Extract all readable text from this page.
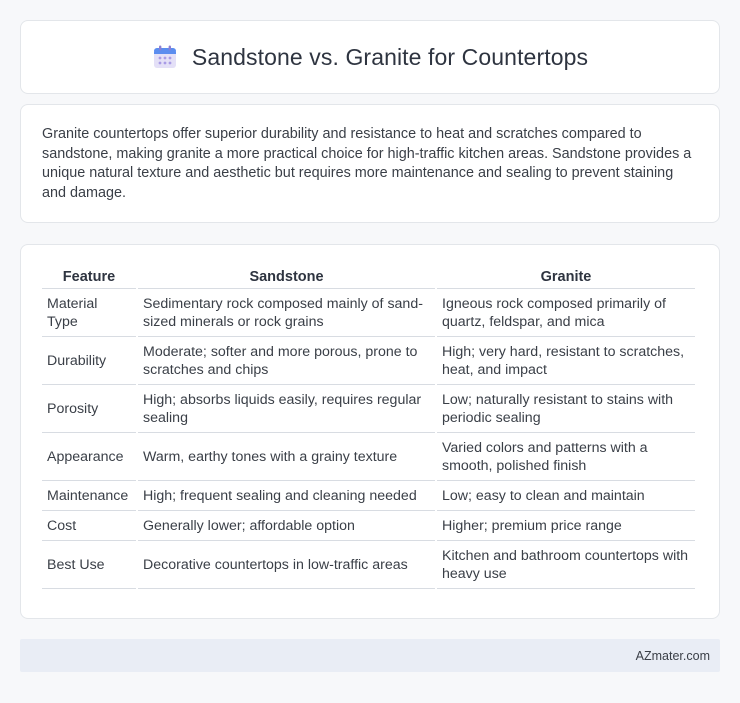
Sandstone vs. Granite for Countertops

Granite countertops offer superior durability and resistance to heat and scratches compared to sandstone, making granite a more practical choice for high-traffic kitchen areas. Sandstone provides a unique natural texture and aesthetic but requires more maintenance and sealing to prevent staining and damage.

Feature	Sandstone	Granite
Material Type	Sedimentary rock composed mainly of sand-sized minerals or rock grains	Igneous rock composed primarily of quartz, feldspar, and mica
Durability	Moderate; softer and more porous, prone to scratches and chips	High; very hard, resistant to scratches, heat, and impact
Porosity	High; absorbs liquids easily, requires regular sealing	Low; naturally resistant to stains with periodic sealing
Appearance	Warm, earthy tones with a grainy texture	Varied colors and patterns with a smooth, polished finish
Maintenance	High; frequent sealing and cleaning needed	Low; easy to clean and maintain
Cost	Generally lower; affordable option	Higher; premium price range
Best Use	Decorative countertops in low-traffic areas	Kitchen and bathroom countertops with heavy use
AZmater.com
